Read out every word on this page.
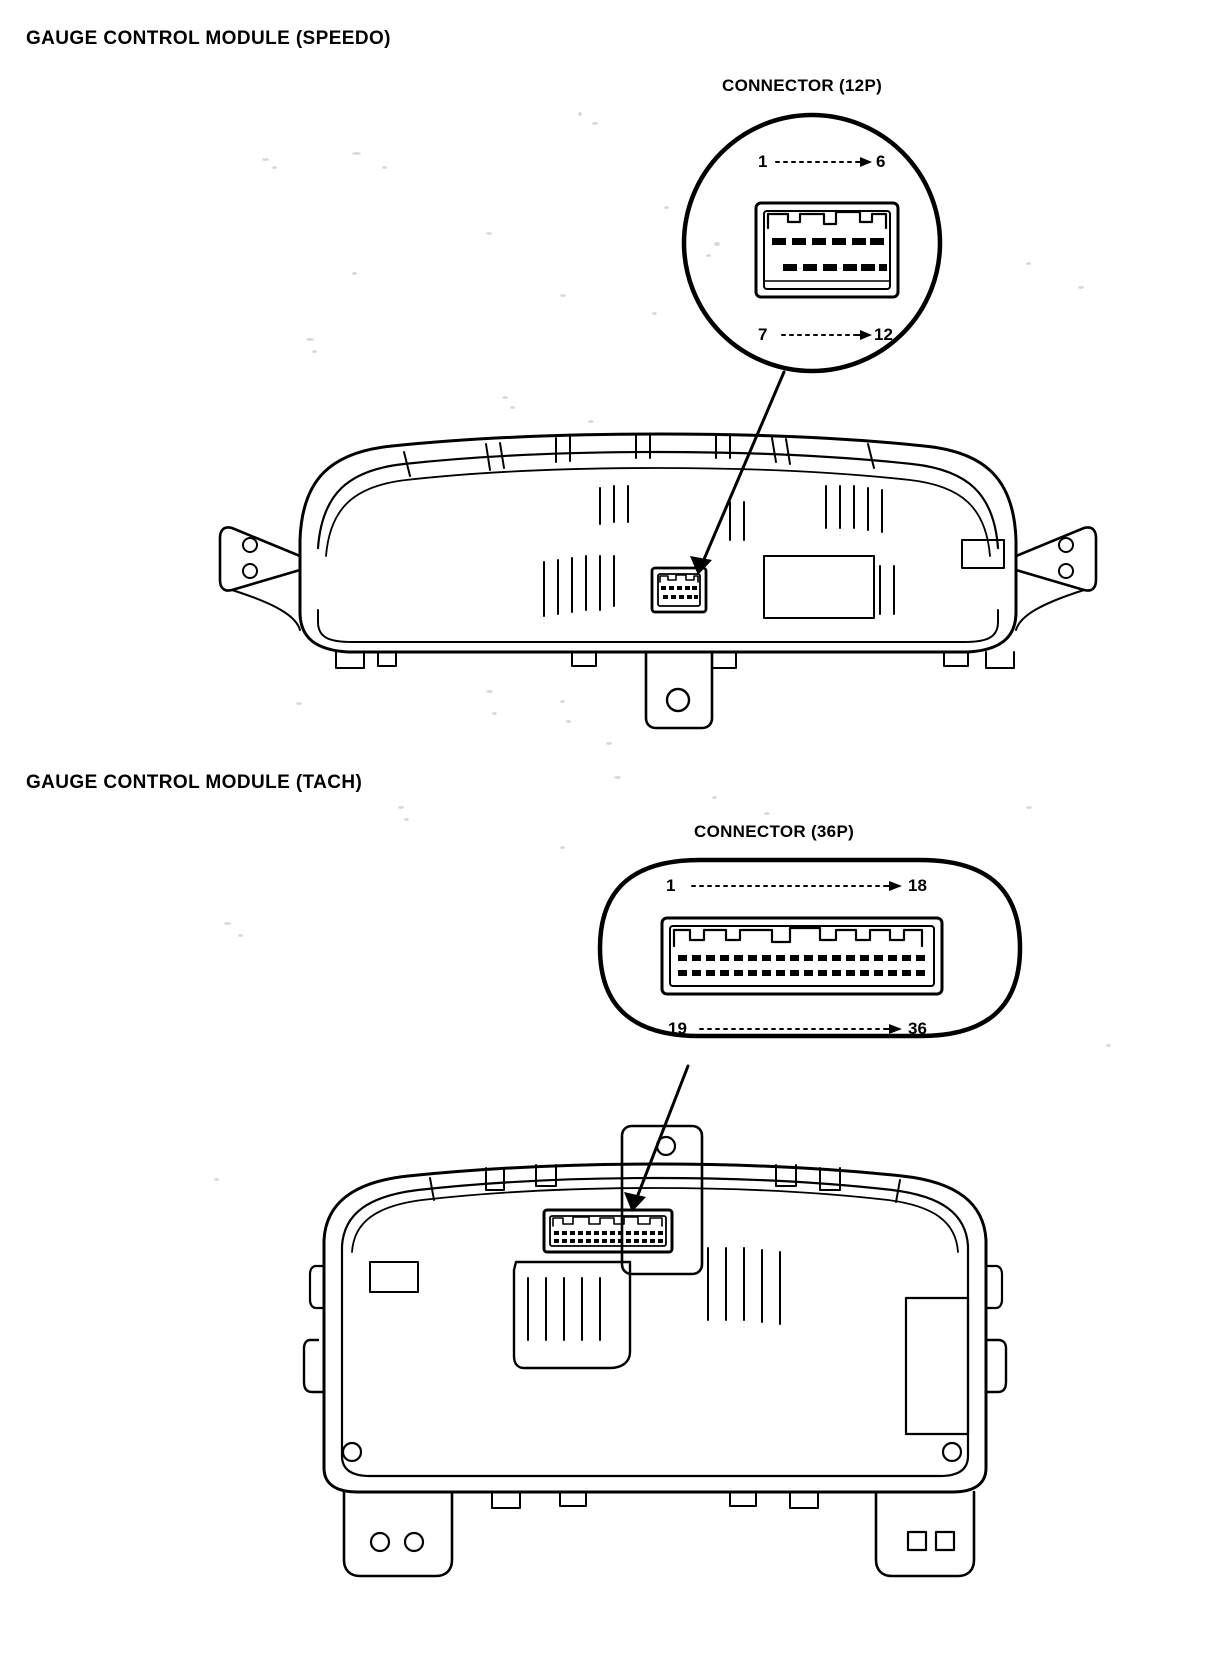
GAUGE CONTROL MODULE (SPEEDO)
GAUGE CONTROL MODULE (TACH)
CONNECTOR (12P)
CONNECTOR (36P)
1	6
7	12
1	18
19	36
